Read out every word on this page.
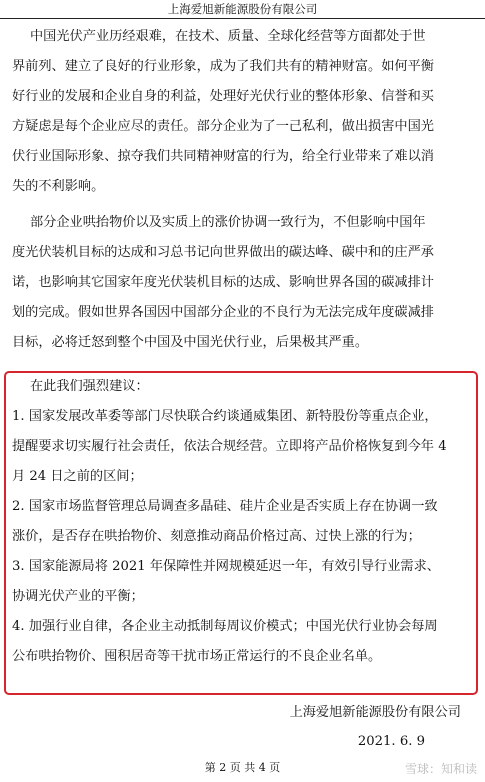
上海爱旭新能源股份有限公司
中国光伏产业历经艰难，在技术、质量、全球化经营等方面都处于世
界前列、建立了良好的行业形象，成为了我们共有的精神财富。如何平衡
好行业的发展和企业自身的利益，处理好光伏行业的整体形象、信誉和买
方疑虑是每个企业应尽的责任。部分企业为了一己私利，做出损害中国光
伏行业国际形象、掠夺我们共同精神财富的行为，给全行业带来了难以消
失的不利影响。
部分企业哄抬物价以及实质上的涨价协调一致行为，不但影响中国年
度光伏装机目标的达成和习总书记向世界做出的碳达峰、碳中和的庄严承
诺，也影响其它国家年度光伏装机目标的达成、影响世界各国的碳减排计
划的完成。假如世界各国因中国部分企业的不良行为无法完成年度碳减排
目标，必将迁怒到整个中国及中国光伏行业，后果极其严重。
在此我们强烈建议：
1. 国家发展改革委等部门尽快联合约谈通威集团、新特股份等重点企业，
提醒要求切实履行社会责任，依法合规经营。立即将产品价格恢复到今年 4
月 24 日之前的区间；
2. 国家市场监督管理总局调查多晶硅、硅片企业是否实质上存在协调一致
涨价，是否存在哄抬物价、刻意推动商品价格过高、过快上涨的行为；
3. 国家能源局将 2021 年保障性并网规模延迟一年，有效引导行业需求、
协调光伏产业的平衡；
4. 加强行业自律，各企业主动抵制每周议价模式；中国光伏行业协会每周
公布哄抬物价、囤积居奇等干扰市场正常运行的不良企业名单。
上海爱旭新能源股份有限公司
2021. 6. 9
第 2 页 共 4 页	雪球：知和读
